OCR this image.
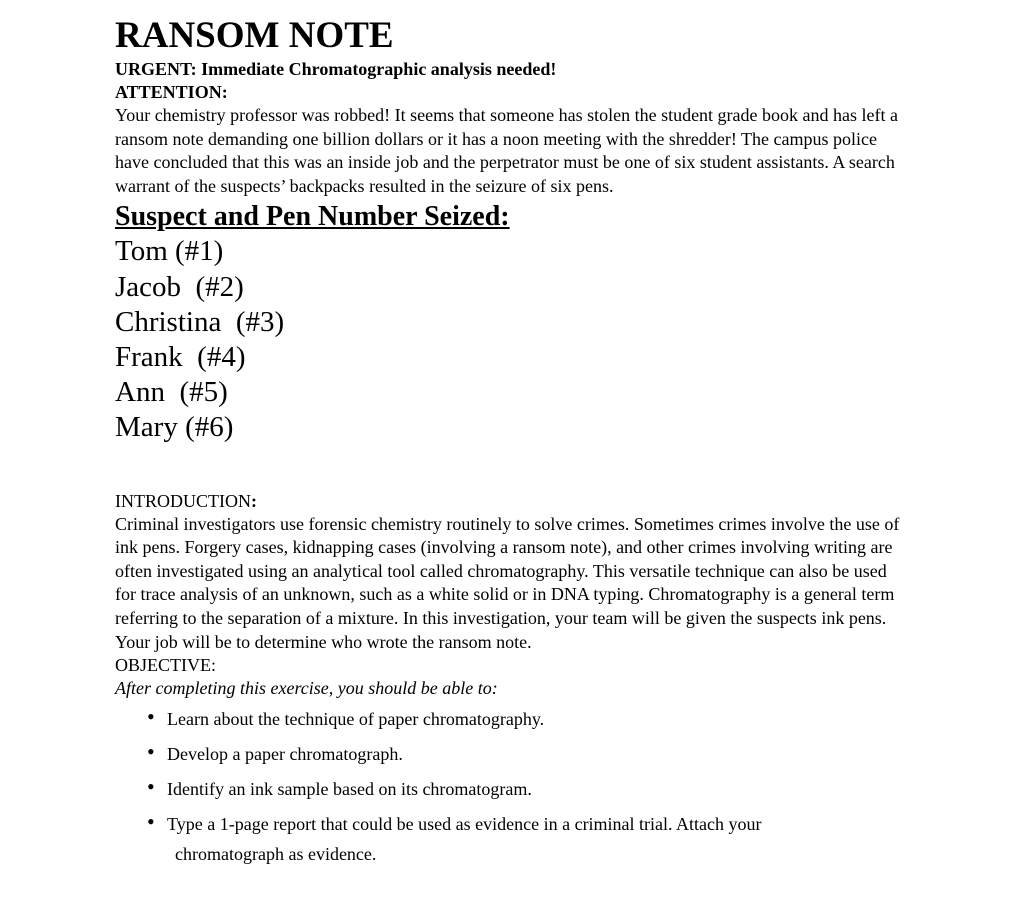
RANSOM NOTE

URGENT: Immediate Chromatographic analysis needed!

ATTENTION:

Your chemistry professor was robbed! It seems that someone has stolen the student grade book and has left a ransom note demanding one billion dollars or it has a noon meeting with the shredder! The campus police have concluded that this was an inside job and the perpetrator must be one of six student assistants. A search warrant of the suspects’ backpacks resulted in the seizure of six pens.

Suspect and Pen Number Seized:
Tom (#1)
Jacob  (#2)
Christina  (#3)
Frank  (#4)
Ann  (#5)
Mary (#6)

INTRODUCTION:

Criminal investigators use forensic chemistry routinely to solve crimes. Sometimes crimes involve the use of ink pens. Forgery cases, kidnapping cases (involving a ransom note), and other crimes involving writing are often investigated using an analytical tool called chromatography. This versatile technique can also be used for trace analysis of an unknown, such as a white solid or in DNA typing. Chromatography is a general term referring to the separation of a mixture. In this investigation, your team will be given the suspects ink pens. Your job will be to determine who wrote the ransom note.

OBJECTIVE:

After completing this exercise, you should be able to:

• Learn about the technique of paper chromatography.
• Develop a paper chromatograph.
• Identify an ink sample based on its chromatogram.
• Type a 1-page report that could be used as evidence in a criminal trial. Attach your
chromatograph as evidence.
